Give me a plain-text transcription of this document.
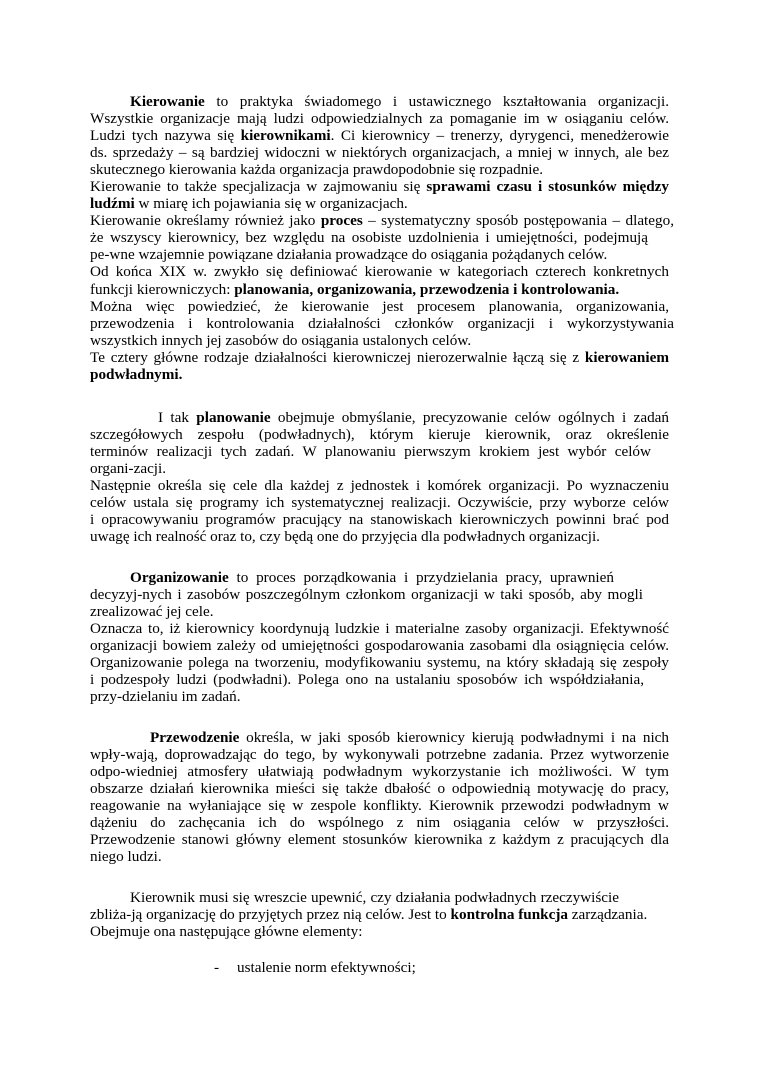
Kierowanie to praktyka świadomego i ustawicznego kształtowania organizacji.

Wszystkie organizacje mają ludzi odpowiedzialnych za pomaganie im w osiąganiu celów.

Ludzi tych nazywa się kierownikami. Ci kierownicy – trenerzy, dyrygenci, menedżerowie

ds. sprzedaży – są bardziej widoczni w niektórych organizacjach, a mniej w innych, ale bez

skutecznego kierowania każda organizacja prawdopodobnie się rozpadnie.

Kierowanie to także specjalizacja w zajmowaniu się sprawami czasu i stosunków między

ludźmi w miarę ich pojawiania się w organizacjach.

Kierowanie określamy również jako proces – systematyczny sposób postępowania – dlatego,

że wszyscy kierownicy, bez względu na osobiste uzdolnienia i umiejętności, podejmują

pe-wne wzajemnie powiązane działania prowadzące do osiągania pożądanych celów.

Od końca XIX w. zwykło się definiować kierowanie w kategoriach czterech konkretnych

funkcji kierowniczych: planowania, organizowania, przewodzenia i kontrolowania.

Można więc powiedzieć, że kierowanie jest procesem planowania, organizowania,

przewodzenia i kontrolowania działalności członków organizacji i wykorzystywania

wszystkich innych jej zasobów do osiągania ustalonych celów.

Te cztery główne rodzaje działalności kierowniczej nierozerwalnie łączą się z kierowaniem

podwładnymi.

I tak planowanie obejmuje obmyślanie, precyzowanie celów ogólnych i zadań

szczegółowych zespołu (podwładnych), którym kieruje kierownik, oraz określenie

terminów realizacji tych zadań. W planowaniu pierwszym krokiem jest wybór celów

organi-zacji.

Następnie określa się cele dla każdej z jednostek i komórek organizacji. Po wyznaczeniu

celów ustala się programy ich systematycznej realizacji. Oczywiście, przy wyborze celów

i opracowywaniu programów pracujący na stanowiskach kierowniczych powinni brać pod

uwagę ich realność oraz to, czy będą one do przyjęcia dla podwładnych organizacji.

Organizowanie to proces porządkowania i przydzielania pracy, uprawnień

decyzyj-nych i zasobów poszczególnym członkom organizacji w taki sposób, aby mogli

zrealizować jej cele.

Oznacza to, iż kierownicy koordynują ludzkie i materialne zasoby organizacji. Efektywność

organizacji bowiem zależy od umiejętności gospodarowania zasobami dla osiągnięcia celów.

Organizowanie polega na tworzeniu, modyfikowaniu systemu, na który składają się zespoły

i podzespoły ludzi (podwładni). Polega ono na ustalaniu sposobów ich współdziałania,

przy-dzielaniu im zadań.

Przewodzenie określa, w jaki sposób kierownicy kierują podwładnymi i na nich

wpły-wają, doprowadzając do tego, by wykonywali potrzebne zadania. Przez wytworzenie

odpo-wiedniej atmosfery ułatwiają podwładnym wykorzystanie ich możliwości. W tym

obszarze działań kierownika mieści się także dbałość o odpowiednią motywację do pracy,

reagowanie na wyłaniające się w zespole konflikty. Kierownik przewodzi podwładnym w

dążeniu do zachęcania ich do wspólnego z nim osiągania celów w przyszłości.

Przewodzenie stanowi główny element stosunków kierownika z każdym z pracujących dla

niego ludzi.

Kierownik musi się wreszcie upewnić, czy działania podwładnych rzeczywiście

zbliża-ją organizację do przyjętych przez nią celów. Jest to kontrolna funkcja zarządzania.

Obejmuje ona następujące główne elementy:

- ustalenie norm efektywności;
